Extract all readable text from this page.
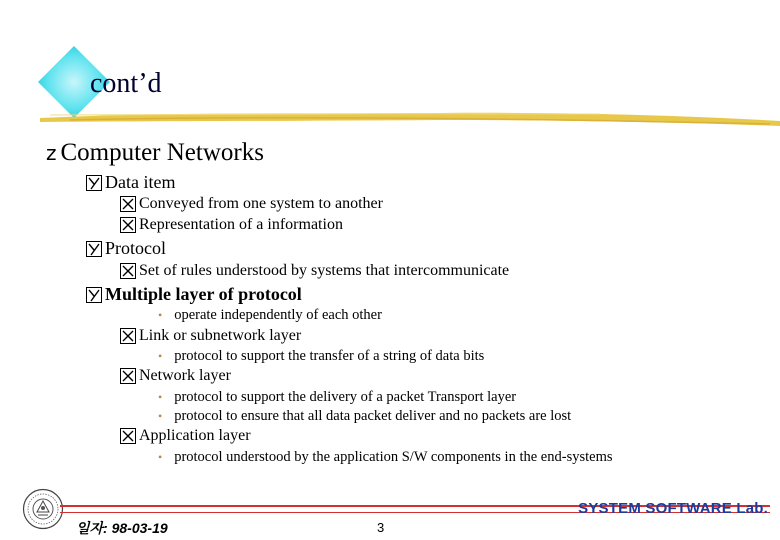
cont’d
z Computer Networks
Data item
Conveyed from one system to another
Representation of a information
Protocol
Set of rules understood by systems that intercommunicate
Multiple layer of protocol
• operate independently of each other
Link or subnetwork layer
• protocol to support the transfer of a string of data bits
Network layer
• protocol to support the delivery of a packet Transport layer
• protocol to ensure that all data packet deliver and no packets are lost
Application layer
• protocol understood by the application S/W components in the end-systems
SYSTEM SOFTWARE Lab.
일자: 98-03-19	3
